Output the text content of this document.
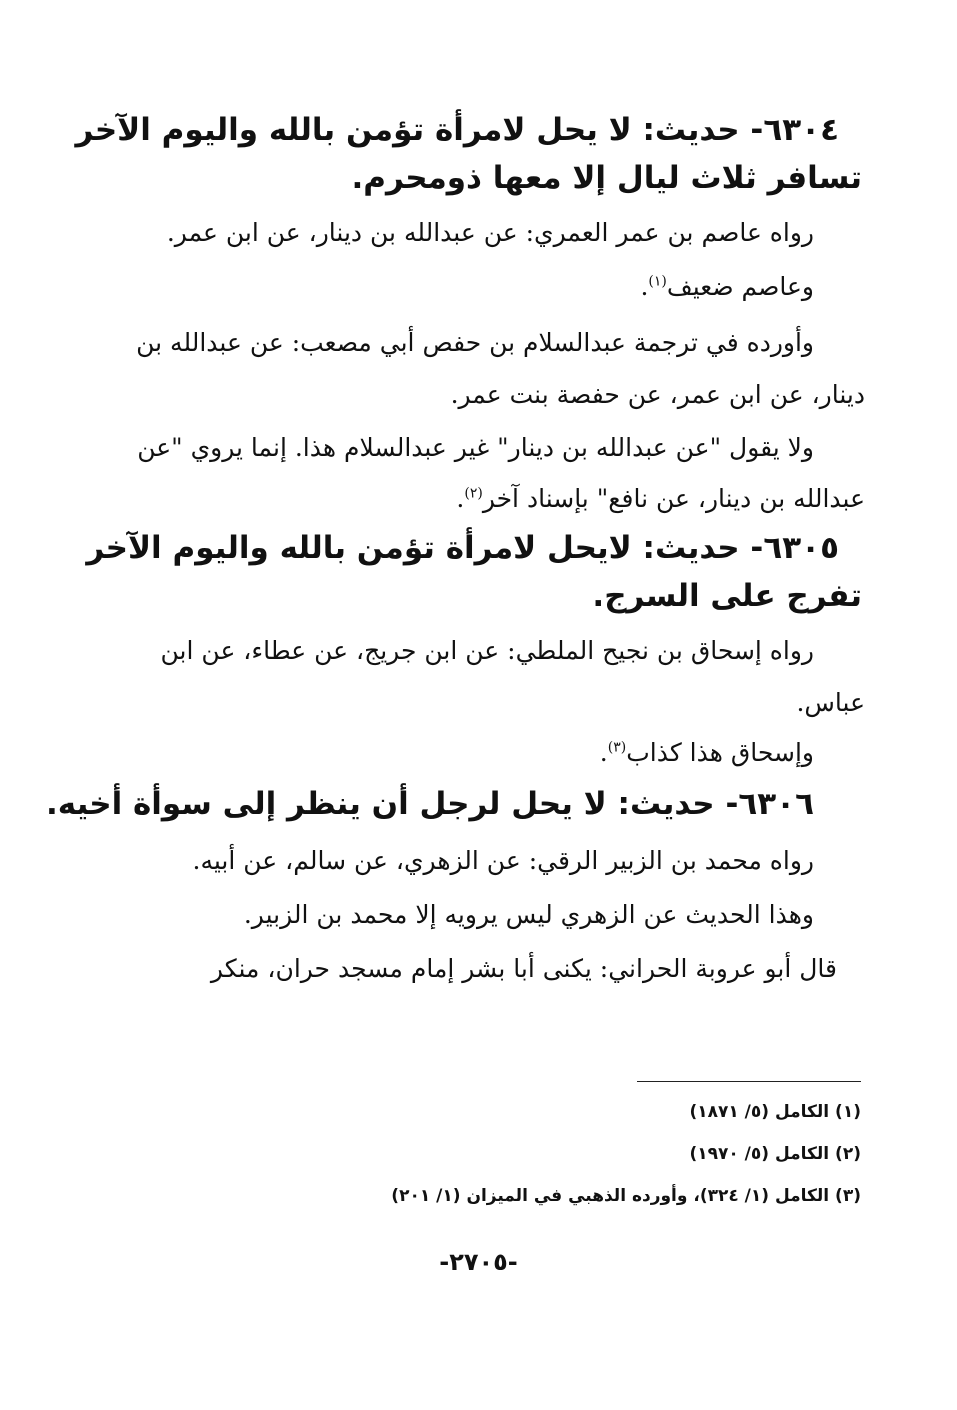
٦٣٠٤- حديث: لا يحل لامرأة تؤمن بالله واليوم الآخر
تسافر ثلاث ليال إلا معها ذومحرم.
رواه عاصم بن عمر العمري: عن عبدالله بن دينار، عن ابن عمر.
وعاصم ضعيف$^{(١)}$.
وأورده في ترجمة عبدالسلام بن حفص أبي مصعب: عن عبدالله بن
دينار، عن ابن عمر، عن حفصة بنت عمر.
ولا يقول "عن عبدالله بن دينار" غير عبدالسلام هذا. إنما يروي "عن
عبدالله بن دينار، عن نافع" بإسناد آخر$^{(٢)}$.
٦٣٠٥- حديث: لايحل لامرأة تؤمن بالله واليوم الآخر
تفرج على السرج.
رواه إسحاق بن نجيح الملطي: عن ابن جريج، عن عطاء، عن ابن
عباس.
وإسحاق هذا كذاب$^{(٣)}$.
٦٣٠٦- حديث: لا يحل لرجل أن ينظر إلى سوأة أخيه.
رواه محمد بن الزبير الرقي: عن الزهري، عن سالم، عن أبيه.
وهذا الحديث عن الزهري ليس يرويه إلا محمد بن الزبير.
قال أبو عروبة الحراني: يكنى أبا بشر إمام مسجد حران، منكر
(١) الكامل (٥/ ١٨٧١)
(٢) الكامل (٥/ ١٩٧٠)
(٣) الكامل (١/ ٣٢٤)، وأورده الذهبي في الميزان (١/ ٢٠١)
-٢٧٠٥-
